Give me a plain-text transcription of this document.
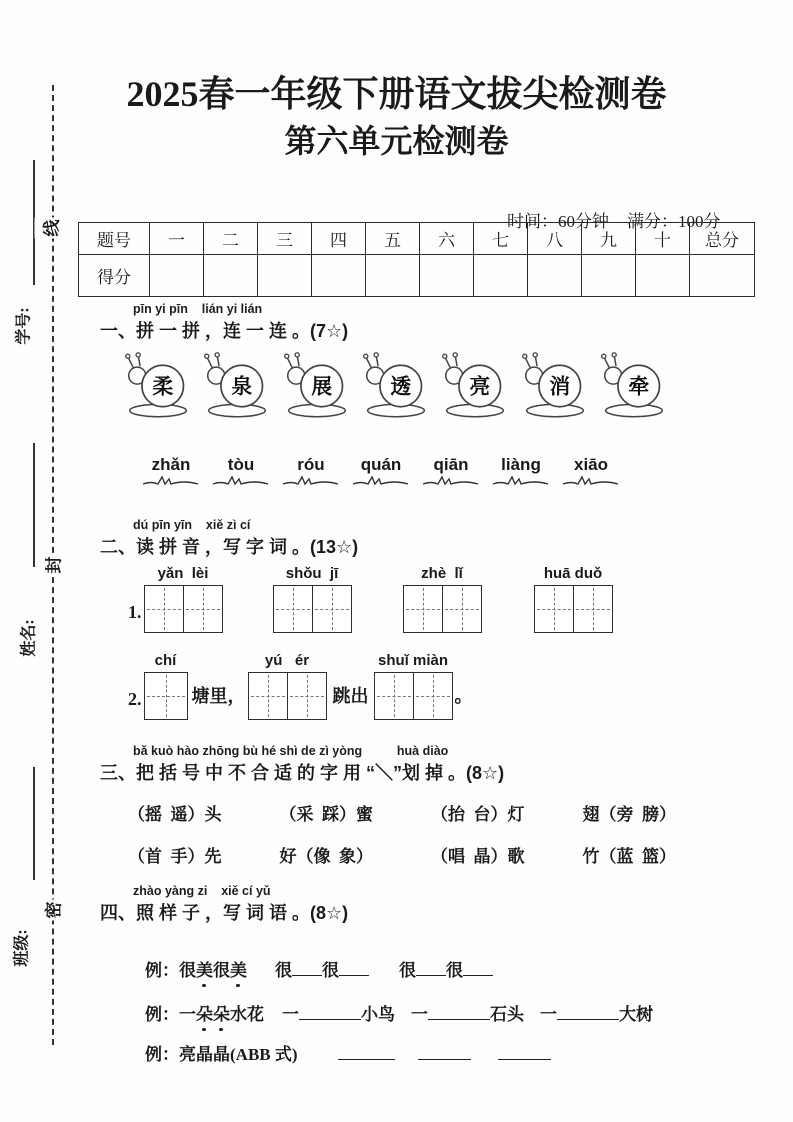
学号:
姓名:
班级:
线
封
密
2025春一年级下册语文拔尖检测卷
第六单元检测卷

时间：60分钟 满分：100分

题号	一	二	三	四	五	六	七	八	九	十	总分
得分											
pīn yi pīn    lián yi lián
一、拼 一 拼 ，连 一 连 。(7☆)
柔	泉	展	透	亮	消	牵
zhǎn tòu	róu quán qiān liàng xiāo
dú pīn yīn    xiě zì cí
二、读 拼 音 ，写 字 词 。(13☆)
1.
yǎn  lèi	shǒu  jī	zhè  lǐ	huā duǒ
2.
chí
塘里，
yú   ér
跳出
shuǐ miàn
。
bǎ kuò hào zhōng bù hé shì de zì yòng          huà diào
三、把 括 号 中 不 合 适 的 字 用 “＼”划 掉 。(8☆)
（摇  遥）头	（采  踩）蜜	（抬  台）灯	翅（旁  膀）
（首  手）先	好（像  象）	（唱  晶）歌	竹（蓝  篮）
zhào yàng zi    xiě cí yǔ
四、照 样 子 ，写 词 语 。(8☆)

例：很美很美 很 很	很 很

例：一朵朵水花 一	小鸟 一	石头 一	大树

例：亮晶晶(ABB 式)
